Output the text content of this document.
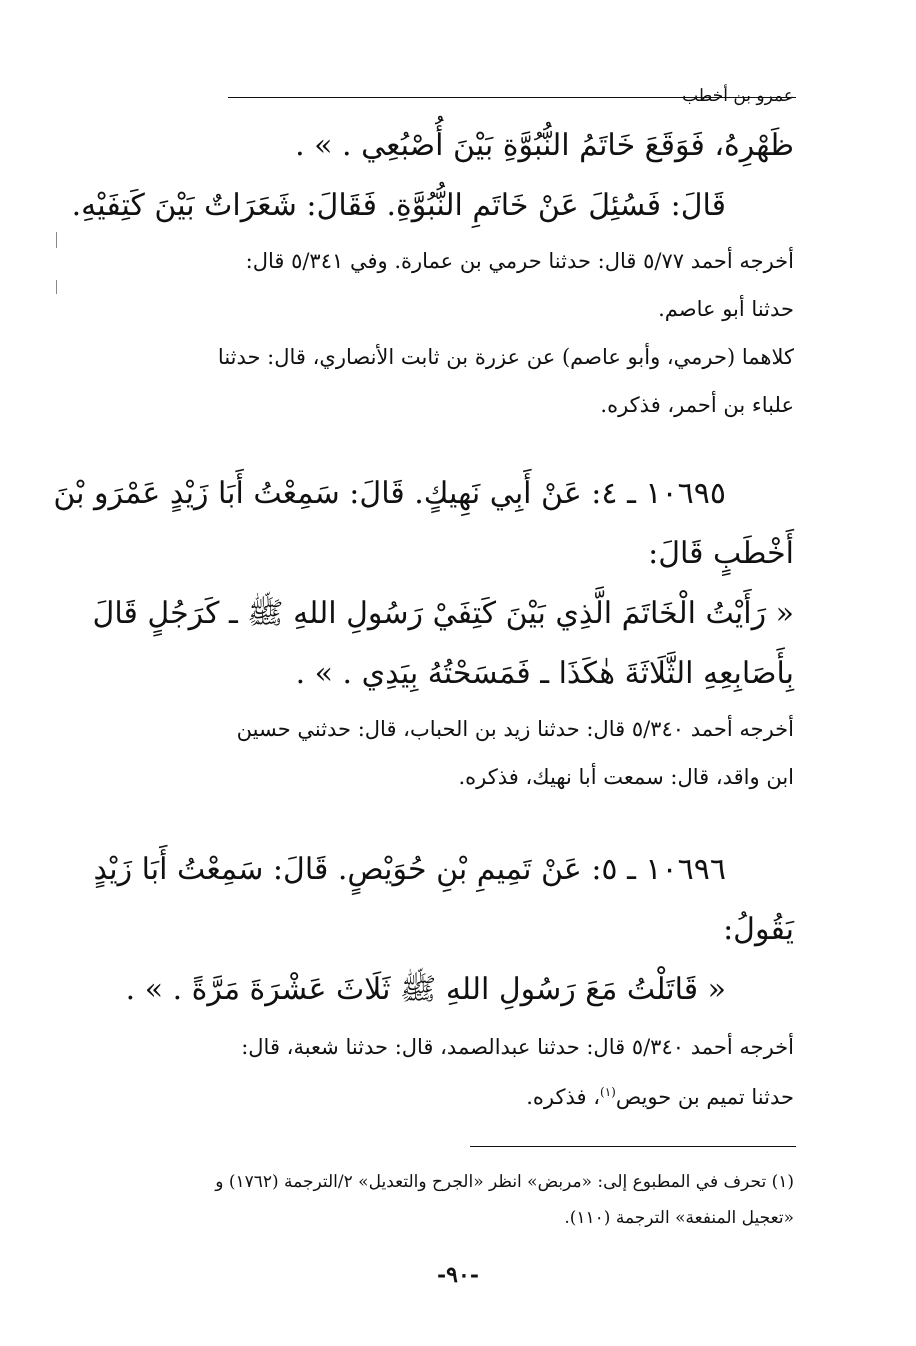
عمرو بن أخطب
ظَهْرِهُ، فَوَقَعَ خَاتَمُ النُّبُوَّةِ بَيْنَ أُصْبُعِي . » .
قَالَ: فَسُئِلَ عَنْ خَاتَمِ النُّبُوَّةِ. فَقَالَ: شَعَرَاتٌ بَيْنَ كَتِفَيْهِ.
أخرجه أحمد ٥/٧٧ قال: حدثنا حرمي بن عمارة. وفي ٥/٣٤١ قال:
حدثنا أبو عاصم.
كلاهما (حرمي، وأبو عاصم) عن عزرة بن ثابت الأنصاري، قال: حدثنا
علباء بن أحمر، فذكره.
١٠٦٩٥ ـ ٤: عَنْ أَبِي نَهِيكٍ. قَالَ: سَمِعْتُ أَبَا زَيْدٍ عَمْرَو بْنَ
أَخْطَبٍ قَالَ:
« رَأَيْتُ الْخَاتَمَ الَّذِي بَيْنَ كَتِفَيْ رَسُولِ اللهِ ﷺ ـ كَرَجُلٍ قَالَ
بِأَصَابِعِهِ الثَّلَاثَةَ هٰكَذَا ـ فَمَسَحْتُهُ بِيَدِي . » .
أخرجه أحمد ٥/٣٤٠ قال: حدثنا زيد بن الحباب، قال: حدثني حسين
ابن واقد، قال: سمعت أبا نهيك، فذكره.
١٠٦٩٦ ـ ٥: عَنْ تَمِيمِ بْنِ حُوَيْصٍ. قَالَ: سَمِعْتُ أَبَا زَيْدٍ
يَقُولُ:
« قَاتَلْتُ مَعَ رَسُولِ اللهِ ﷺ ثَلَاثَ عَشْرَةَ مَرَّةً . » .
أخرجه أحمد ٥/٣٤٠ قال: حدثنا عبدالصمد، قال: حدثنا شعبة، قال:
حدثنا تميم بن حويص$^{(١)}$، فذكره.
(١) تحرف في المطبوع إلى: «مربض» انظر «الجرح والتعديل» ٢/الترجمة (١٧٦٢) و
«تعجيل المنفعة» الترجمة (١١٠).
-٩٠-
